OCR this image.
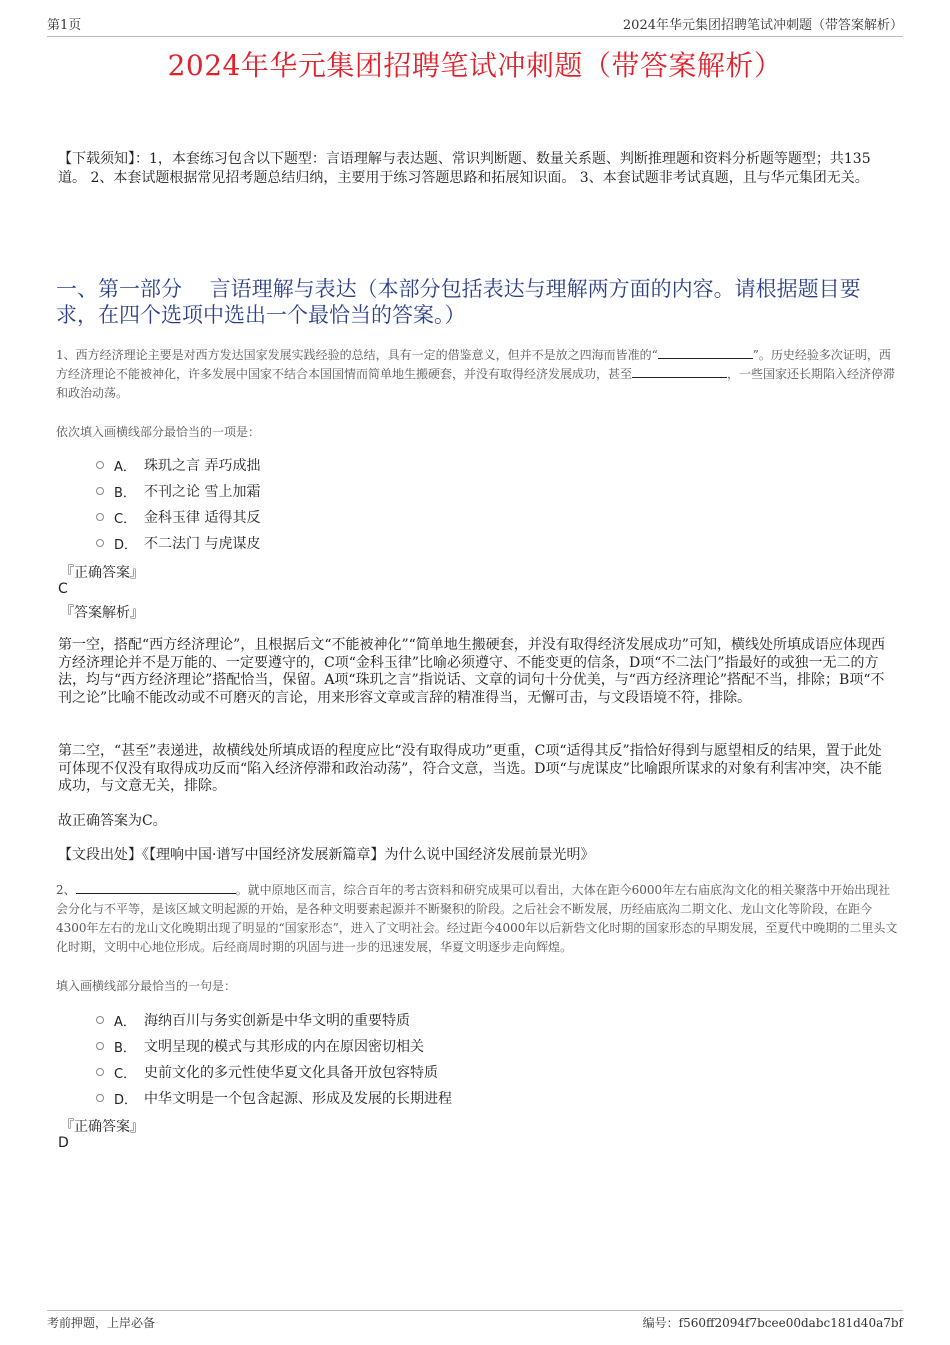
第1页	2024年华元集团招聘笔试冲刺题（带答案解析）
2024年华元集团招聘笔试冲刺题（带答案解析）
【下载须知】：1，本套练习包含以下题型：言语理解与表达题、常识判断题、数量关系题、判断推理题和资料分析题等题型；共135道。 2、本套试题根据常见招考题总结归纳，主要用于练习答题思路和拓展知识面。 3、本套试题非考试真题，且与华元集团无关。
一、第一部分　 言语理解与表达（本部分包括表达与理解两方面的内容。请根据题目要求，在四个选项中选出一个最恰当的答案。）
1、西方经济理论主要是对西方发达国家发展实践经验的总结，具有一定的借鉴意义，但并不是放之四海而皆准的“	”。历史经验多次证明，西方经济理论不能被神化，许多发展中国家不结合本国国情而简单地生搬硬套，并没有取得经济发展成功，甚至	，一些国家还长期陷入经济停滞和政治动荡。
依次填入画横线部分最恰当的一项是：
A． 珠玑之言 弄巧成拙
B． 不刊之论 雪上加霜
C． 金科玉律 适得其反
D． 不二法门 与虎谋皮
『正确答案』
C
『答案解析』
第一空，搭配“西方经济理论”，且根据后文“不能被神化”“简单地生搬硬套，并没有取得经济发展成功”可知，横线处所填成语应体现西方经济理论并不是万能的、一定要遵守的，C项“金科玉律”比喻必须遵守、不能变更的信条，D项“不二法门”指最好的或独一无二的方法，均与“西方经济理论”搭配恰当，保留。A项“珠玑之言”指说话、文章的词句十分优美，与“西方经济理论”搭配不当，排除；B项“不刊之论”比喻不能改动或不可磨灭的言论，用来形容文章或言辞的精准得当，无懈可击，与文段语境不符，排除。
第二空，“甚至”表递进，故横线处所填成语的程度应比“没有取得成功”更重，C项“适得其反”指恰好得到与愿望相反的结果，置于此处可体现不仅没有取得成功反而“陷入经济停滞和政治动荡”，符合文意，当选。D项“与虎谋皮”比喻跟所谋求的对象有利害冲突，决不能成功，与文意无关，排除。
故正确答案为C。
【文段出处】《【理响中国·谱写中国经济发展新篇章】为什么说中国经济发展前景光明》
2、	。就中原地区而言，综合百年的考古资料和研究成果可以看出，大体在距今6000年左右庙底沟文化的相关聚落中开始出现社会分化与不平等，是该区域文明起源的开始，是各种文明要素起源并不断聚积的阶段。之后社会不断发展，历经庙底沟二期文化、龙山文化等阶段，在距今4300年左右的龙山文化晚期出现了明显的“国家形态”，进入了文明社会。经过距今4000年以后新砦文化时期的国家形态的早期发展，至夏代中晚期的二里头文化时期，文明中心地位形成。后经商周时期的巩固与进一步的迅速发展，华夏文明逐步走向辉煌。
填入画横线部分最恰当的一句是：
A． 海纳百川与务实创新是中华文明的重要特质
B． 文明呈现的模式与其形成的内在原因密切相关
C． 史前文化的多元性使华夏文化具备开放包容特质
D． 中华文明是一个包含起源、形成及发展的长期进程
『正确答案』
D
考前押题，上岸必备	编号：f560ff2094f7bcee00dabc181d40a7bf
